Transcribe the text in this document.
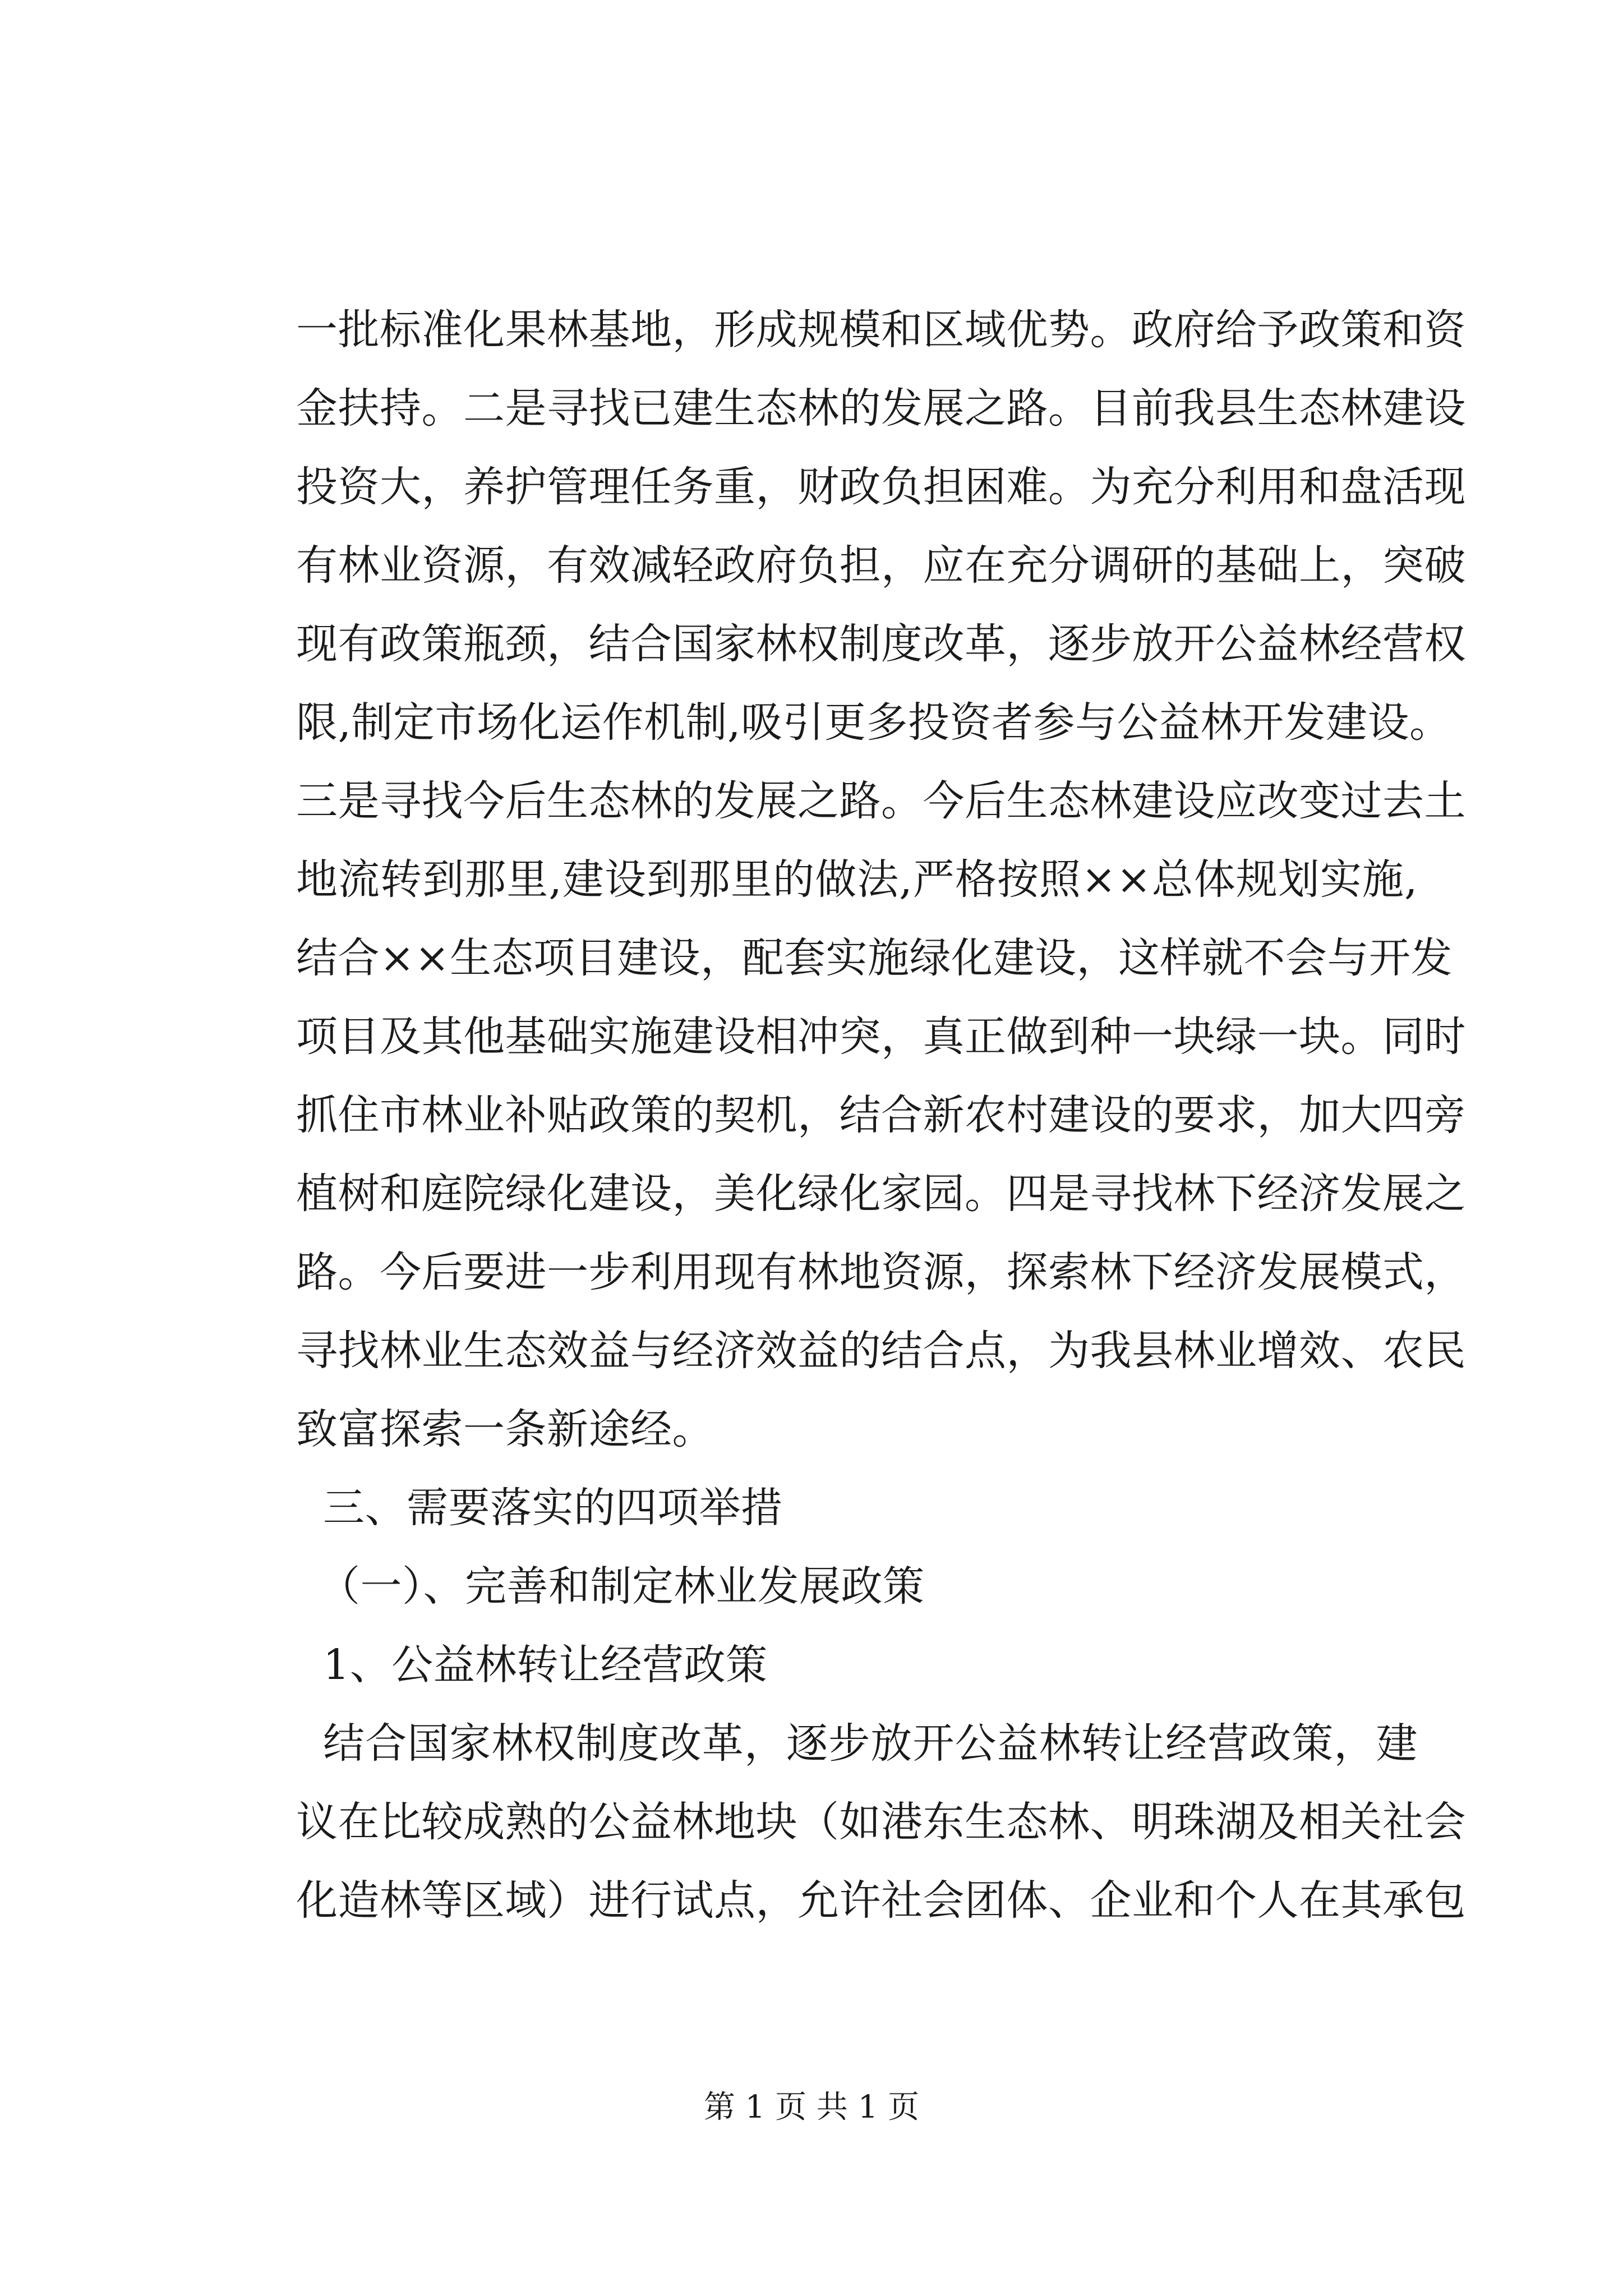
一批标准化果林基地，形成规模和区域优势。政府给予政策和资
金扶持。二是寻找已建生态林的发展之路。目前我县生态林建设
投资大，养护管理任务重，财政负担困难。为充分利用和盘活现
有林业资源，有效减轻政府负担，应在充分调研的基础上，突破
现有政策瓶颈，结合国家林权制度改革，逐步放开公益林经营权
限,制定市场化运作机制,吸引更多投资者参与公益林开发建设。
三是寻找今后生态林的发展之路。今后生态林建设应改变过去土
地流转到那里,建设到那里的做法,严格按照××总体规划实施,
结合××生态项目建设，配套实施绿化建设，这样就不会与开发
项目及其他基础实施建设相冲突，真正做到种一块绿一块。同时
抓住市林业补贴政策的契机，结合新农村建设的要求，加大四旁
植树和庭院绿化建设，美化绿化家园。四是寻找林下经济发展之
路。今后要进一步利用现有林地资源，探索林下经济发展模式，
寻找林业生态效益与经济效益的结合点，为我县林业增效、农民
致富探索一条新途经。
三、需要落实的四项举措
（一）、完善和制定林业发展政策
1、公益林转让经营政策
结合国家林权制度改革，逐步放开公益林转让经营政策，建
议在比较成熟的公益林地块（如港东生态林、明珠湖及相关社会
化造林等区域）进行试点，允许社会团体、企业和个人在其承包
第 1 页 共 1 页
